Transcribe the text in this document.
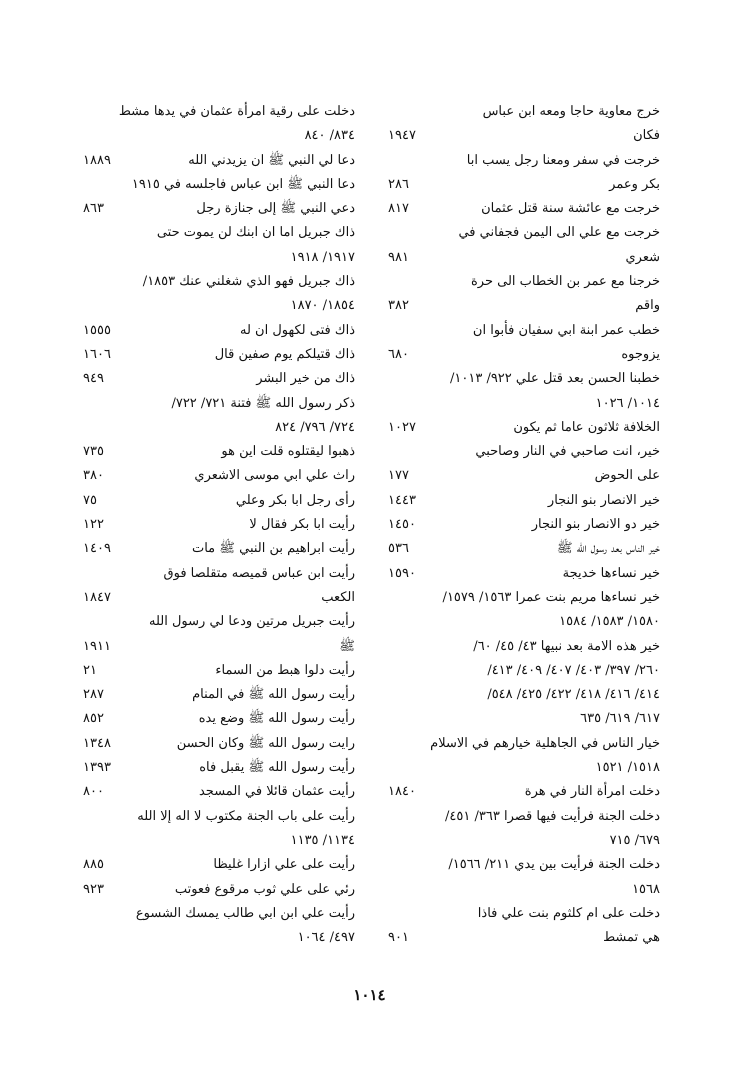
خرج معاوية حاجا ومعه ابن عباس
فكان
١٩٤٧
خرجت في سفر ومعنا رجل يسب ابا
بكر وعمر
٢٨٦
خرجت مع عائشة سنة قتل عثمان
٨١٧
خرجت مع علي الى اليمن فجفاني في
شعري
٩٨١
خرجنا مع عمر بن الخطاب الى حرة
واقم
٣٨٢
خطب عمر ابنة ابي سفيان فأبوا ان
يزوجوه
٦٨٠
خطبنا الحسن بعد قتل علي ٩٢٢/ ١٠١٣/
١٠١٤/ ١٠٢٦
الخلافة ثلاثون عاما ثم يكون
١٠٢٧
خير، انت صاحبي في النار وصاحبي
على الحوض
١٧٧
خير الانصار بنو النجار
١٤٤٣
خير دو الانصار بنو النجار
١٤٥٠
خير الناس بعد رسول الله ﷺ
٥٣٦
خير نساءها خديجة
١٥٩٠
خير نساءها مريم بنت عمرا ١٥٦٣/ ١٥٧٩/
١٥٨٠/ ١٥٨٣/ ١٥٨٤
خير هذه الامة بعد نبيها ٤٣/ ٤٥/ ٦٠/
٢٦٠/ ٣٩٧/ ٤٠٣/ ٤٠٧/ ٤٠٩/ ٤١٣/
٤١٤/ ٤١٦/ ٤١٨/ ٤٢٢/ ٤٢٥/ ٥٤٨/
٦١٧/ ٦١٩/ ٦٣٥
خيار الناس في الجاهلية خيارهم في الاسلام
١٥١٨/ ١٥٢١
دخلت امرأة النار في هرة
١٨٤٠
دخلت الجنة فرأيت فيها قصرا ٣٦٣/ ٤٥١/
٦٧٩/ ٧١٥
دخلت الجنة فرأيت بين يدي ٢١١/ ١٥٦٦/
١٥٦٨
دخلت على ام كلثوم بنت علي فاذا
هي تمشط
٩٠١
دخلت على رقية امرأة عثمان في يدها مشط
٨٣٤/ ٨٤٠
دعا لي النبي ﷺ ان يزيدني الله
١٨٨٩
دعا النبي ﷺ ابن عباس فاجلسه في ١٩١٥
دعي النبي ﷺ إلى جنازة رجل
٨٦٣
ذاك جبريل اما ان ابنك لن يموت حتى
١٩١٧/ ١٩١٨
ذاك جبريل فهو الذي شغلني عنك ١٨٥٣/
١٨٥٤/ ١٨٧٠
ذاك فتى لكهول ان له
١٥٥٥
ذاك قتيلكم يوم صفين قال
١٦٠٦
ذاك من خير البشر
٩٤٩
ذكر رسول الله ﷺ فتنة ٧٢١/ ٧٢٢/
٧٢٤/ ٧٩٦/ ٨٢٤
ذهبوا ليقتلوه قلت اين هو
٧٣٥
راث علي ابي موسى الاشعري
٣٨٠
رأى رجل ابا بكر وعلي
٧٥
رأيت ابا بكر فقال لا
١٢٢
رأيت ابراهيم بن النبي ﷺ مات
١٤٠٩
رأيت ابن عباس قميصه متقلصا فوق
الكعب
١٨٤٧
رأيت جبريل مرتين ودعا لي رسول الله
ﷺ
١٩١١
رأيت دلوا هبط من السماء
٢١
رأيت رسول الله ﷺ في المنام
٢٨٧
رأيت رسول الله ﷺ وضع يده
٨٥٢
رايت رسول الله ﷺ وكان الحسن
١٣٤٨
رأيت رسول الله ﷺ يقبل فاه
١٣٩٣
رأيت عثمان قائلا في المسجد
٨٠٠
رأيت على باب الجنة مكتوب لا اله إلا الله
١١٣٤/ ١١٣٥
رأيت على علي ازارا غليظا
٨٨٥
رئي على علي ثوب مرقوع فعوتب
٩٢٣
رأيت علي ابن ابي طالب يمسك الشسوع
٤٩٧/ ١٠٦٤
١٠١٤
